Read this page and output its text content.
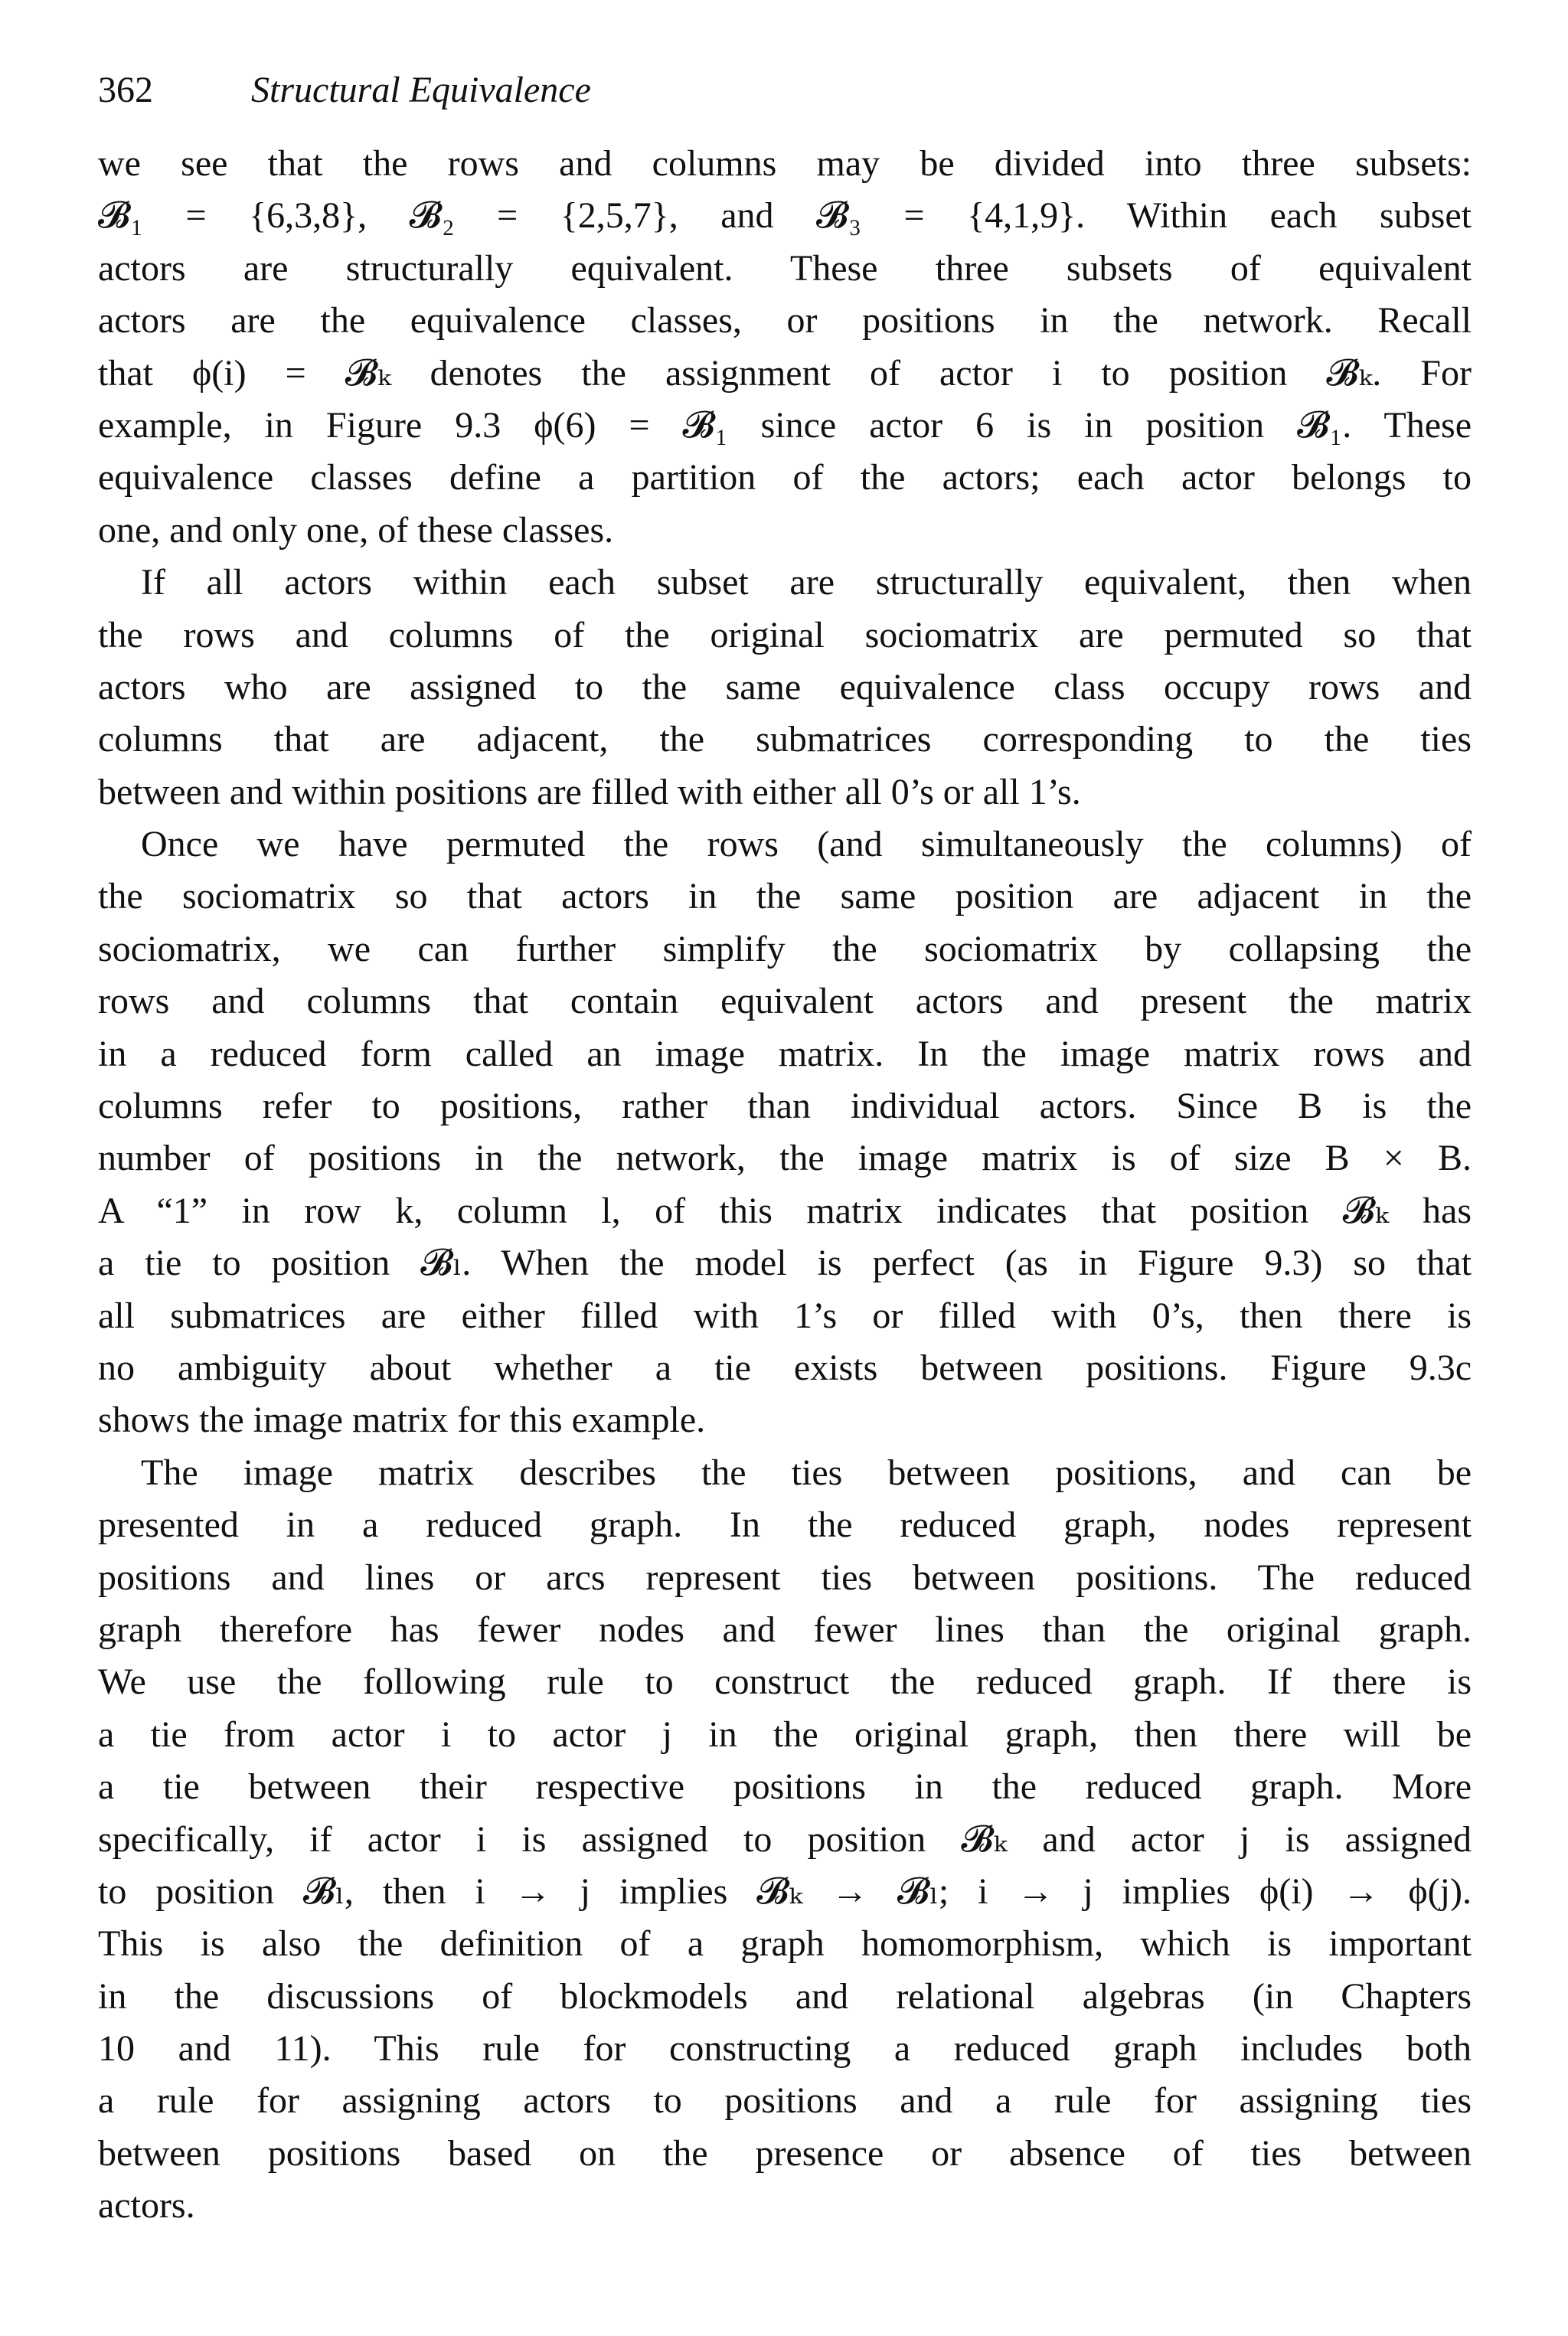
362	Structural Equivalence
we see that the rows and columns may be divided into three subsets:
𝓑₁ = {6,3,8}, 𝓑₂ = {2,5,7}, and 𝓑₃ = {4,1,9}. Within each subset
actors are structurally equivalent. These three subsets of equivalent
actors are the equivalence classes, or positions in the network. Recall
that ϕ(i) = 𝓑ₖ denotes the assignment of actor i to position 𝓑ₖ. For
example, in Figure 9.3 ϕ(6) = 𝓑₁ since actor 6 is in position 𝓑₁. These
equivalence classes define a partition of the actors; each actor belongs to
one, and only one, of these classes.
If all actors within each subset are structurally equivalent, then when
the rows and columns of the original sociomatrix are permuted so that
actors who are assigned to the same equivalence class occupy rows and
columns that are adjacent, the submatrices corresponding to the ties
between and within positions are filled with either all 0’s or all 1’s.
Once we have permuted the rows (and simultaneously the columns) of
the sociomatrix so that actors in the same position are adjacent in the
sociomatrix, we can further simplify the sociomatrix by collapsing the
rows and columns that contain equivalent actors and present the matrix
in a reduced form called an image matrix. In the image matrix rows and
columns refer to positions, rather than individual actors. Since B is the
number of positions in the network, the image matrix is of size B × B.
A “1” in row k, column l, of this matrix indicates that position 𝓑ₖ has
a tie to position 𝓑ₗ. When the model is perfect (as in Figure 9.3) so that
all submatrices are either filled with 1’s or filled with 0’s, then there is
no ambiguity about whether a tie exists between positions. Figure 9.3c
shows the image matrix for this example.
The image matrix describes the ties between positions, and can be
presented in a reduced graph. In the reduced graph, nodes represent
positions and lines or arcs represent ties between positions. The reduced
graph therefore has fewer nodes and fewer lines than the original graph.
We use the following rule to construct the reduced graph. If there is
a tie from actor i to actor j in the original graph, then there will be
a tie between their respective positions in the reduced graph. More
specifically, if actor i is assigned to position 𝓑ₖ and actor j is assigned
to position 𝓑ₗ, then i → j implies 𝓑ₖ → 𝓑ₗ; i → j implies ϕ(i) → ϕ(j).
This is also the definition of a graph homomorphism, which is important
in the discussions of blockmodels and relational algebras (in Chapters
10 and 11). This rule for constructing a reduced graph includes both
a rule for assigning actors to positions and a rule for assigning ties
between positions based on the presence or absence of ties between
actors.
